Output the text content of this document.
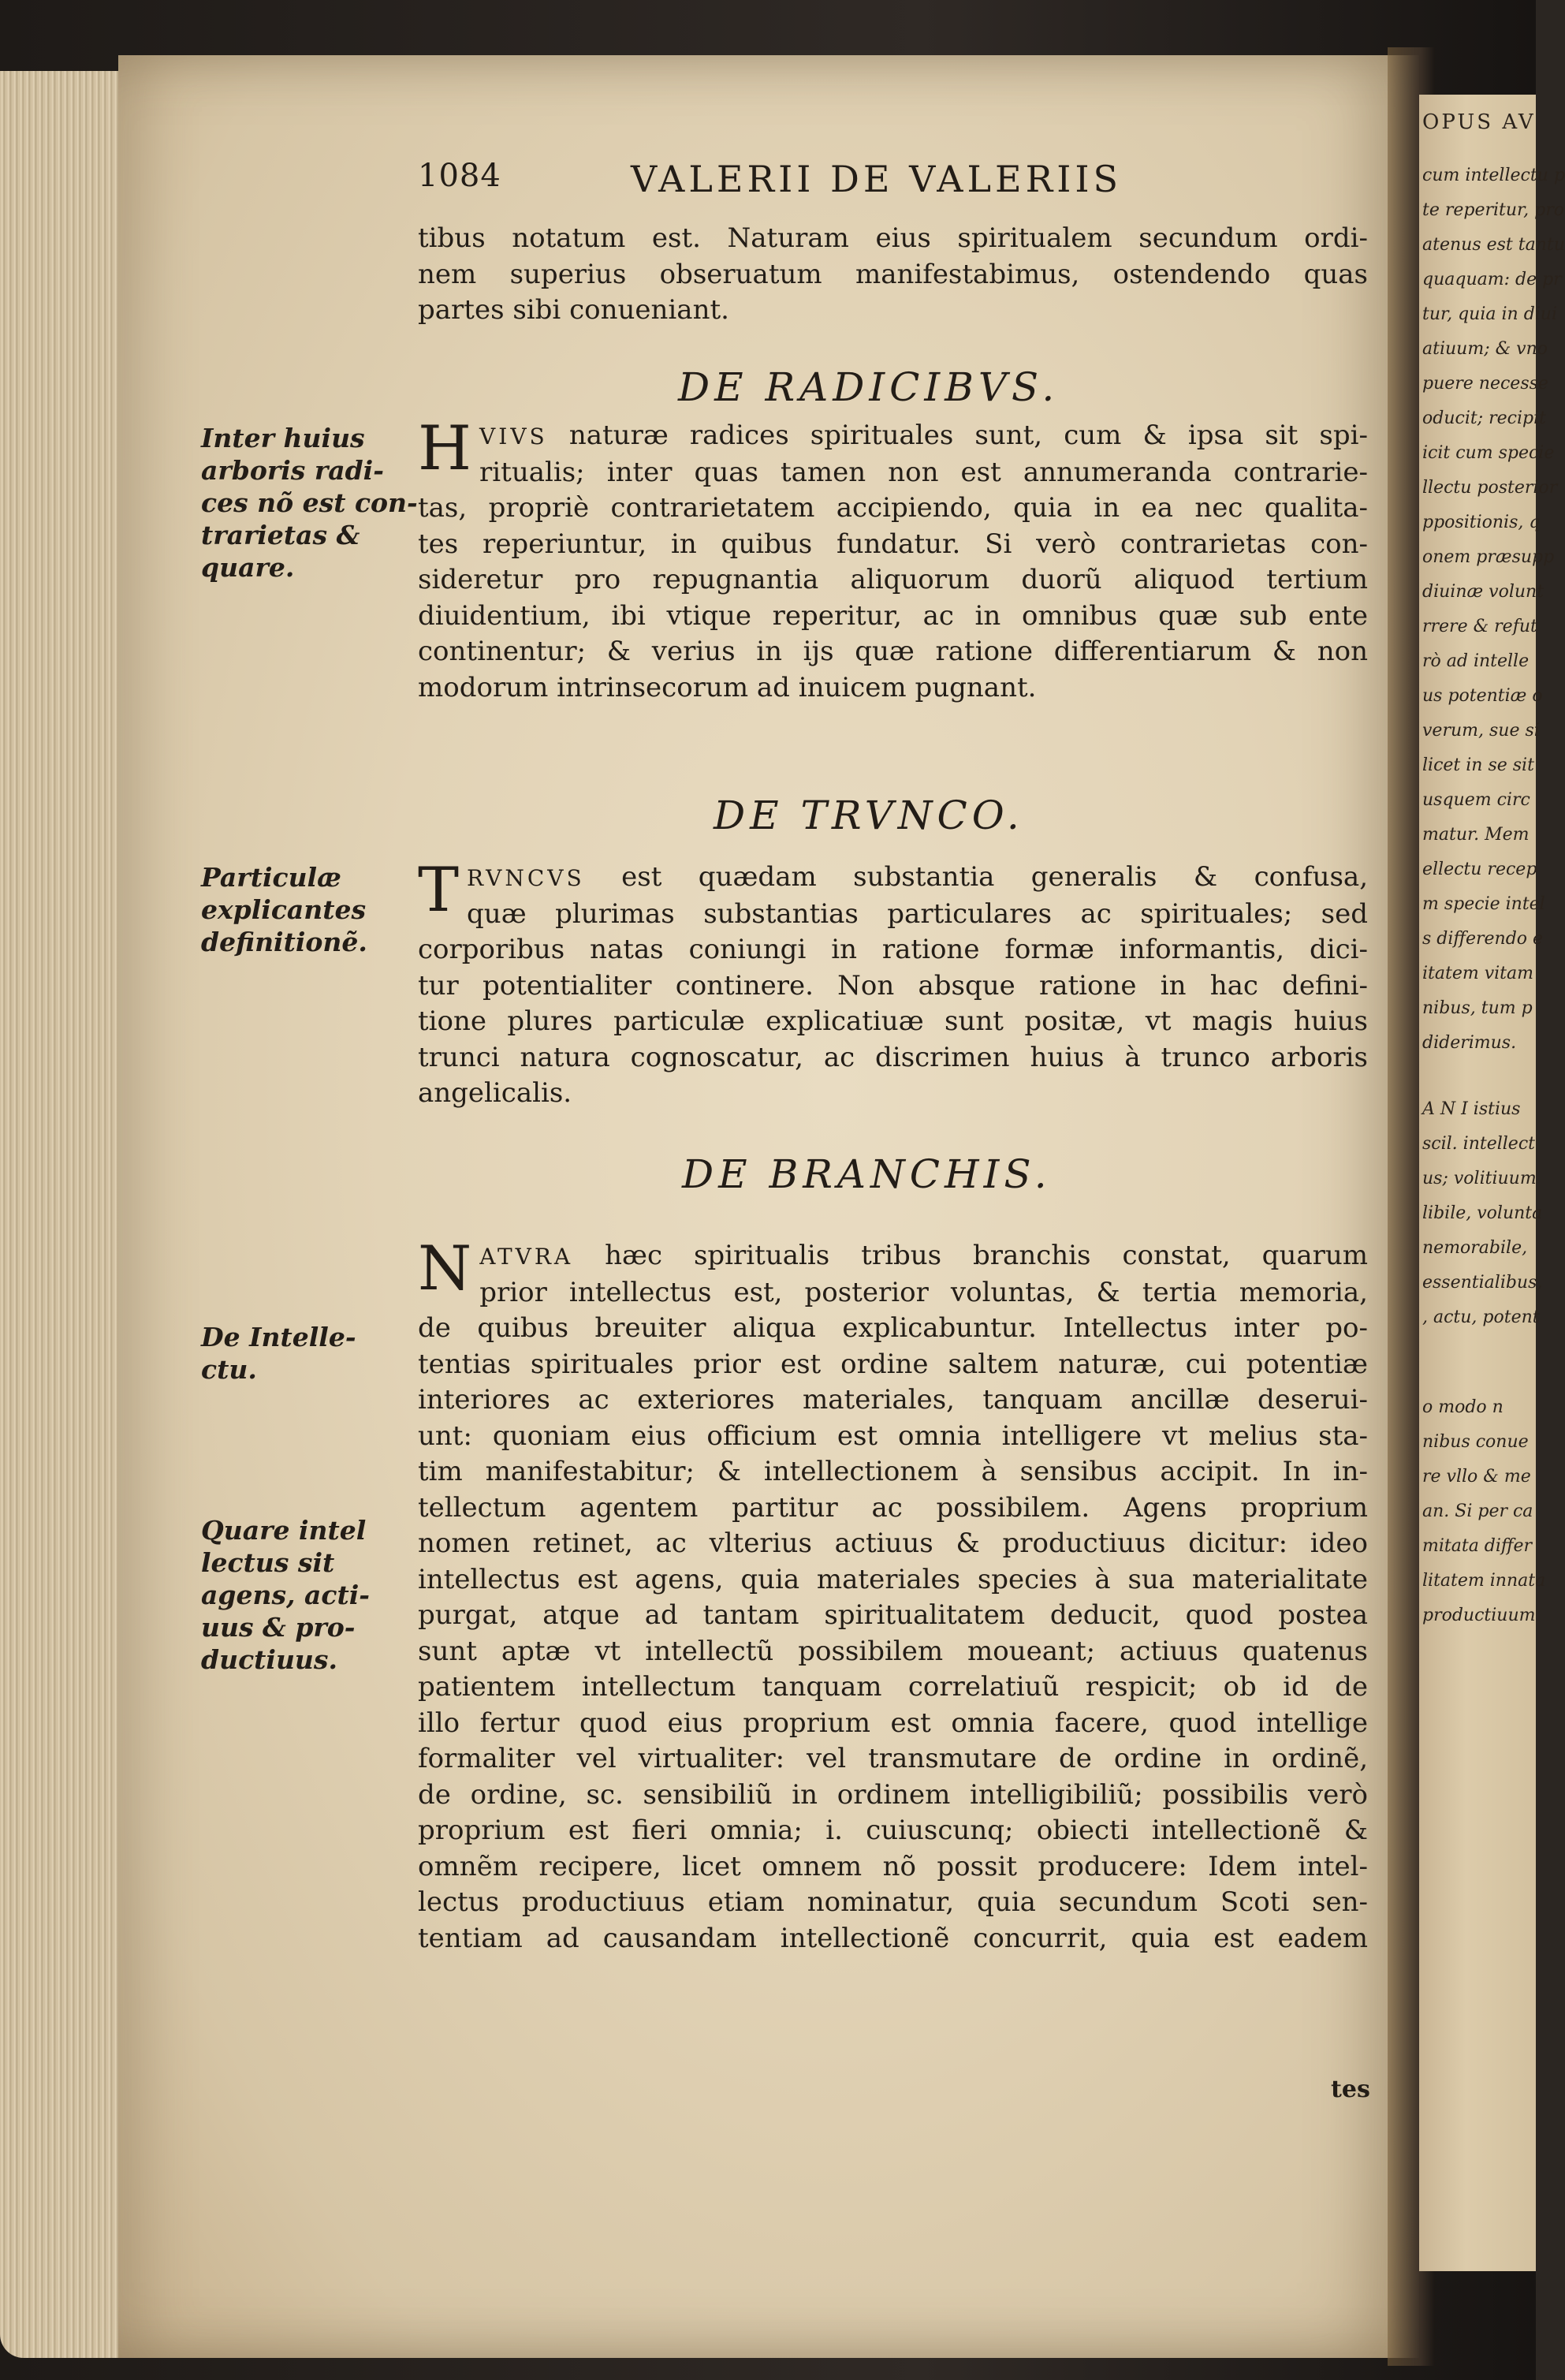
OPUS AV
cum intellectu p
te reperitur, pro
atenus est tantu
quaquam: de pr
tur, quia in diui
atiuum; & vno
puere necesse
oducit; recipit
icit cum specie
llectu posterior
ppositionis, q
onem præsupp
diuinæ volunt
rrere & refut
rò ad intelle
us potentiæ o
verum, sue si
licet in se sit
usquem circ
matur. Mem
ellectu recep
m specie intel
s differendo e
itatem vitam
nibus, tum p
diderimus.
A N I istius
scil. intellect
us; volitiuum
libile, volunta
nemorabile,
essentialibus,
, actu, potent
o modo n
nibus conue
re vllo & me
an. Si per ca
mitata differ
litatem innata
productiuum
1084	VALERII DE VALERIIS
tibus notatum est. Naturam eius spiritualem secundum ordi-
nem superius obseruatum manifestabimus, ostendendo quas
partes sibi conueniant.
DE RADICIBVS.
H VIVS naturæ radices spirituales sunt, cum & ipsa sit spi-
ritualis; inter quas tamen non est annumeranda contrarie-
tas, propriè contrarietatem accipiendo, quia in ea nec qualita-
tes reperiuntur, in quibus fundatur. Si verò contrarietas con-
sideretur pro repugnantia aliquorum duorũ aliquod tertium
diuidentium, ibi vtique reperitur, ac in omnibus quæ sub ente
continentur; & verius in ijs quæ ratione differentiarum & non
modorum intrinsecorum ad inuicem pugnant.
DE TRVNCO.
T RVNCVS est quædam substantia generalis & confusa,
quæ plurimas substantias particulares ac spirituales; sed
corporibus natas coniungi in ratione formæ informantis, dici-
tur potentialiter continere. Non absque ratione in hac defini-
tione plures particulæ explicatiuæ sunt positæ, vt magis huius
trunci natura cognoscatur, ac discrimen huius à trunco arboris
angelicalis.
DE BRANCHIS.
N ATVRA hæc spiritualis tribus branchis constat, quarum
prior intellectus est, posterior voluntas, & tertia memoria,
de quibus breuiter aliqua explicabuntur. Intellectus inter po-
tentias spirituales prior est ordine saltem naturæ, cui potentiæ
interiores ac exteriores materiales, tanquam ancillæ deserui-
unt: quoniam eius officium est omnia intelligere vt melius sta-
tim manifestabitur; & intellectionem à sensibus accipit. In in-
tellectum agentem partitur ac possibilem. Agens proprium
nomen retinet, ac vlterius actiuus & productiuus dicitur: ideo
intellectus est agens, quia materiales species à sua materialitate
purgat, atque ad tantam spiritualitatem deducit, quod postea
sunt aptæ vt intellectũ possibilem moueant; actiuus quatenus
patientem intellectum tanquam correlatiuũ respicit; ob id de
illo fertur quod eius proprium est omnia facere, quod intellige
formaliter vel virtualiter: vel transmutare de ordine in ordinẽ,
de ordine, sc. sensibiliũ in ordinem intelligibiliũ; possibilis verò
proprium est fieri omnia; i. cuiuscunq; obiecti intellectionẽ &
omnẽm recipere, licet omnem nõ possit producere: Idem intel-
lectus productiuus etiam nominatur, quia secundum Scoti sen-
tentiam ad causandam intellectionẽ concurrit, quia est eadem
tes
Inter huius
arboris radi-
ces nõ est con-
trarietas &
quare.
Particulæ
explicantes
definitionẽ.
De Intelle-
ctu.
Quare intel
lectus sit
agens, acti-
uus & pro-
ductiuus.
